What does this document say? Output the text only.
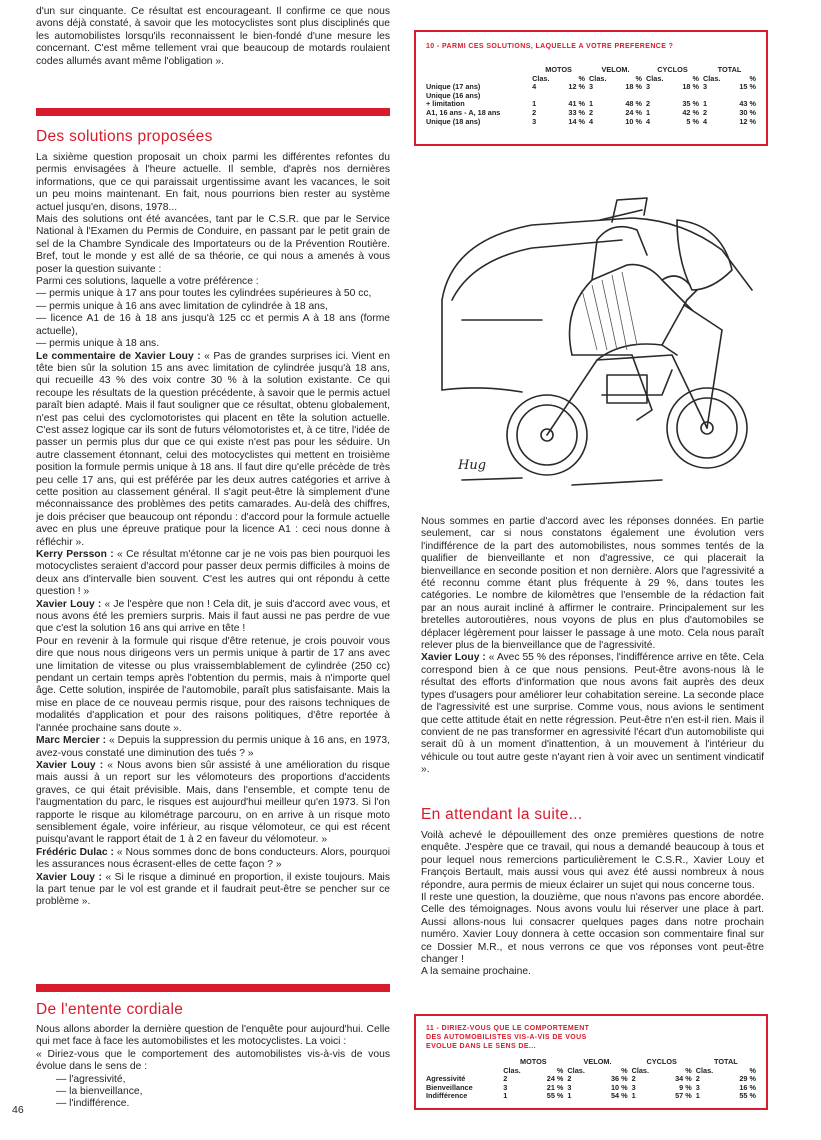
d'un sur cinquante. Ce résultat est encourageant. Il confirme ce que nous avons déjà constaté, à savoir que les motocyclistes sont plus disciplinés que les automobilistes lorsqu'ils reconnaissent le bien-fondé d'une mesure les concernant. C'est même tellement vrai que beaucoup de motards roulaient codes allumés avant même l'obligation ».

Des solutions proposées

La sixième question proposait un choix parmi les différentes refontes du permis envisagées à l'heure actuelle. Il semble, d'après nos dernières informations, que ce qui paraissait urgentissime avant les vacances, le soit un peu moins maintenant. En fait, nous pourrions bien rester au système actuel jusqu'en, disons, 1978...

Mais des solutions ont été avancées, tant par le C.S.R. que par le Service National à l'Examen du Permis de Conduire, en passant par le petit grain de sel de la Chambre Syndicale des Importateurs ou de la Prévention Routière. Bref, tout le monde y est allé de sa théorie, ce qui nous a amenés à vous poser la question suivante :

Parmi ces solutions, laquelle a votre préférence :

— permis unique à 17 ans pour toutes les cylindrées supérieures à 50 cc,

— permis unique à 16 ans avec limitation de cylindrée à 18 ans,

— licence A1 de 16 à 18 ans jusqu'à 125 cc et permis A à 18 ans (forme actuelle),

— permis unique à 18 ans.

Le commentaire de Xavier Louy : « Pas de grandes surprises ici. Vient en tête bien sûr la solution 15 ans avec limitation de cylindrée jusqu'à 18 ans, qui recueille 43 % des voix contre 30 % à la solution existante. Ce qui recoupe les résultats de la question précédente, à savoir que le permis actuel paraît bien adapté. Mais il faut souligner que ce résultat, obtenu globalement, n'est pas celui des cyclomotoristes qui placent en tête la solution actuelle. C'est assez logique car ils sont de futurs vélomotoristes et, à ce titre, l'idée de passer un permis plus dur que ce qui existe n'est pas pour les séduire. Un autre classement étonnant, celui des motocyclistes qui mettent en troisième position la formule permis unique à 18 ans. Il faut dire qu'elle précède de très peu celle 17 ans, qui est préférée par les deux autres catégories et arrive à cette position au classement général. Il s'agit peut-être là simplement d'une méconnaissance des problèmes des petits camarades. Au-delà des chiffres, je dois préciser que beaucoup ont répondu : d'accord pour la formule actuelle avec en plus une épreuve pratique pour la licence A1 : ceci nous donne à réfléchir ».

Kerry Persson : « Ce résultat m'étonne car je ne vois pas bien pourquoi les motocyclistes seraient d'accord pour passer deux permis difficiles à moins de deux ans d'intervalle bien souvent. C'est les autres qui ont répondu à cette question ! »

Xavier Louy : « Je l'espère que non ! Cela dit, je suis d'accord avec vous, et nous avons été les premiers surpris. Mais il faut aussi ne pas perdre de vue que c'est la solution 16 ans qui arrive en tête !

Pour en revenir à la formule qui risque d'être retenue, je crois pouvoir vous dire que nous nous dirigeons vers un permis unique à partir de 17 ans avec une limitation de vitesse ou plus vraissemblablement de cylindrée (250 cc) pendant un certain temps après l'obtention du permis, mais à n'importe quel âge. Cette solution, inspirée de l'automobile, paraît plus satisfaisante. Mais la mise en place de ce nouveau permis risque, pour des raisons techniques de modalités d'application et pour des raisons politiques, d'être reportée à l'année prochaine sans doute ».

Marc Mercier : « Depuis la suppression du permis unique à 16 ans, en 1973, avez-vous constaté une diminution des tués ? »

Xavier Louy : « Nous avons bien sûr assisté à une amélioration du risque mais aussi à un report sur les vélomoteurs des proportions d'accidents graves, ce qui était prévisible. Mais, dans l'ensemble, et compte tenu de l'augmentation du parc, le risques est aujourd'hui meilleur qu'en 1973. Si l'on rapporte le risque au kilométrage parcouru, on en arrive à un risque moto sensiblement égale, voire inférieur, au risque vélomoteur, ce qui est récent puisqu'avant le rapport était de 1 à 2 en faveur du vélomoteur. »

Frédéric Dulac : « Nous sommes donc de bons conducteurs. Alors, pourquoi les assurances nous écrasent-elles de cette façon ? »

Xavier Louy : « Si le risque a diminué en proportion, il existe toujours. Mais la part tenue par le vol est grande et il faudrait peut-être se pencher sur ce problème ».

De l'entente cordiale

Nous allons aborder la dernière question de l'enquête pour aujourd'hui. Celle qui met face à face les automobilistes et les motocyclistes. La voici :

« Diriez-vous que le comportement des automobilistes vis-à-vis de vous évolue dans le sens de :

— l'agressivité,

— la bienveillance,

— l'indifférence.

46
10 - PARMI CES SOLUTIONS, LAQUELLE A VOTRE PREFERENCE ?
	MOTOS		VELOM.		CYCLOS		TOTAL	
	Clas.	%	Clas.	%	Clas.	%	Clas.	%
Unique (17 ans)	4	12 %	3	18 %	3	18 %	3	15 %
Unique (16 ans)								
+ limitation	1	41 %	1	48 %	2	35 %	1	43 %
A1, 16 ans - A, 18 ans	2	33 %	2	24 %	1	42 %	2	30 %
Unique (18 ans)	3	14 %	4	10 %	4	5 %	4	12 %
Hug

Nous sommes en partie d'accord avec les réponses données. En partie seulement, car si nous constatons également une évolution vers l'indifférence de la part des automobilistes, nous sommes tentés de la qualifier de bienveillante et non d'agressive, ce qui placerait la bienveillance en seconde position et non dernière. Alors que l'agressivité a été reconnu comme étant plus fréquente à 29 %, dans toutes les catégories. Le nombre de kilomètres que l'ensemble de la rédaction fait par an nous aurait incliné à affirmer le contraire. Principalement sur les bretelles autoroutières, nous voyons de plus en plus d'automobiles se déplacer légèrement pour laisser le passage à une moto. Cela nous paraît relever plus de la bienveillance que de l'agressivité.

Xavier Louy : « Avec 55 % des réponses, l'indifférence arrive en tête. Cela correspond bien à ce que nous pensions. Peut-être avons-nous là le résultat des efforts d'information que nous avons fait auprès des deux types d'usagers pour améliorer leur cohabitation sereine. La seconde place de l'agressivité est une surprise. Comme vous, nous avions le sentiment que cette attitude était en nette régression. Peut-être n'en est-il rien. Mais il convient de ne pas transformer en agressivité l'écart d'un automobiliste qui serait dû à un moment d'inattention, à un mouvement à l'intérieur du véhicule ou tout autre geste n'ayant rien à voir avec un sentiment vindicatif ».

En attendant la suite...

Voilà achevé le dépouillement des onze premières questions de notre enquête. J'espère que ce travail, qui nous a demandé beaucoup à tous et pour lequel nous remercions particulièrement le C.S.R., Xavier Louy et François Bertault, mais aussi vous qui avez été aussi nombreux à nous répondre, aura permis de mieux éclairer un sujet qui nous concerne tous.

Il reste une question, la douzième, que nous n'avons pas encore abordée. Celle des témoignages. Nous avons voulu lui réserver une place à part. Aussi allons-nous lui consacrer quelques pages dans notre prochain numéro. Xavier Louy donnera à cette occasion son commentaire final sur ce Dossier M.R., et nous verrons ce que vos réponses vont peut-être changer !

A la semaine prochaine.

11 - DIRIEZ-VOUS QUE LE COMPORTEMENT
DES AUTOMOBILISTES VIS-A-VIS DE VOUS
EVOLUE DANS LE SENS DE...
	MOTOS		VELOM.		CYCLOS		TOTAL	
	Clas.	%	Clas.	%	Clas.	%	Clas.	%
Agressivité	2	24 %	2	36 %	2	34 %	2	29 %
Bienveillance	3	21 %	3	10 %	3	9 %	3	16 %
Indifférence	1	55 %	1	54 %	1	57 %	1	55 %
